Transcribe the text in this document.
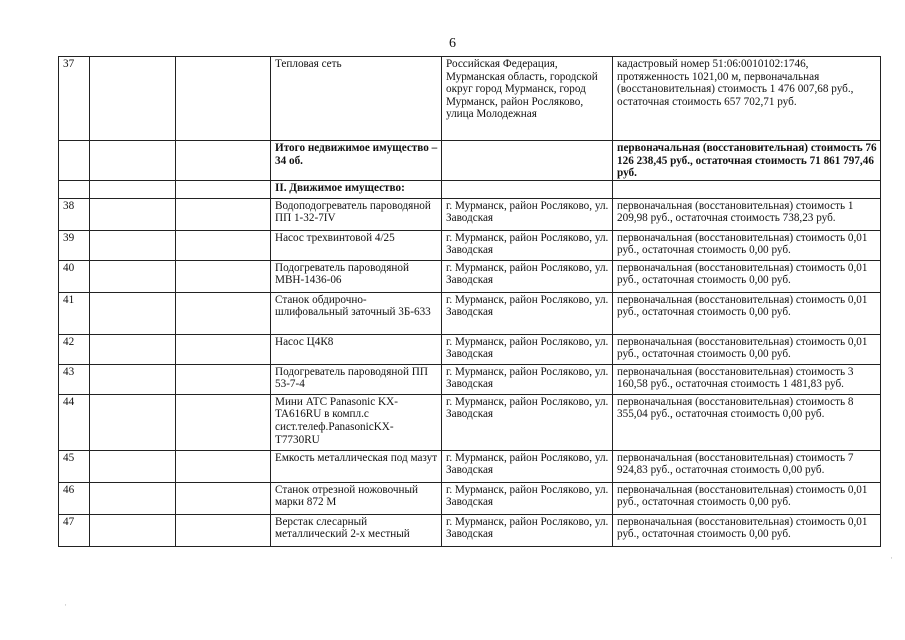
6
37			Тепловая сеть	Российская Федерация, Мурманская область, городской округ город Мурманск, город Мурманск, район Росляково, улица Молодежная	кадастровый номер 51:06:0010102:1746, протяженность 1021,00 м, первоначальная (восстановительная) стоимость 1 476 007,68 руб., остаточная стоимость 657 702,71 руб.
			Итого недвижимое имущество – 34 об.		первоначальная (восстановительная) стоимость 76 126 238,45 руб., остаточная стоимость 71 861 797,46 руб.
			II. Движимое имущество:		
38			Водоподогреватель пароводяной ПП 1-32-7IV	г. Мурманск, район Росляково, ул. Заводская	первоначальная (восстановительная) стоимость 1 209,98 руб., остаточная стоимость 738,23 руб.
39			Насос трехвинтовой 4/25	г. Мурманск, район Росляково, ул. Заводская	первоначальная (восстановительная) стоимость 0,01 руб., остаточная стоимость 0,00 руб.
40			Подогреватель пароводяной МВН-1436-06	г. Мурманск, район Росляково, ул. Заводская	первоначальная (восстановительная) стоимость 0,01 руб., остаточная стоимость 0,00 руб.
41			Станок обдирочно-шлифовальный заточный 3Б-633	г. Мурманск, район Росляково, ул. Заводская	первоначальная (восстановительная) стоимость 0,01 руб., остаточная стоимость 0,00 руб.
42			Насос Ц4К8	г. Мурманск, район Росляково, ул. Заводская	первоначальная (восстановительная) стоимость 0,01 руб., остаточная стоимость 0,00 руб.
43			Подогреватель пароводяной ПП 53-7-4	г. Мурманск, район Росляково, ул. Заводская	первоначальная (восстановительная) стоимость 3 160,58 руб., остаточная стоимость 1 481,83 руб.
44			Мини АТС Panasonic KX-TA616RU в компл.с сист.телеф.PanasonicKX-T7730RU	г. Мурманск, район Росляково, ул. Заводская	первоначальная (восстановительная) стоимость 8 355,04 руб., остаточная стоимость 0,00 руб.
45			Емкость металлическая под мазут	г. Мурманск, район Росляково, ул. Заводская	первоначальная (восстановительная) стоимость 7 924,83 руб., остаточная стоимость 0,00 руб.
46			Станок отрезной ножовочный марки 872 М	г. Мурманск, район Росляково, ул. Заводская	первоначальная (восстановительная) стоимость 0,01 руб., остаточная стоимость 0,00 руб.
47			Верстак слесарный металлический 2-х местный	г. Мурманск, район Росляково, ул. Заводская	первоначальная (восстановительная) стоимость 0,01 руб., остаточная стоимость 0,00 руб.
·
·
